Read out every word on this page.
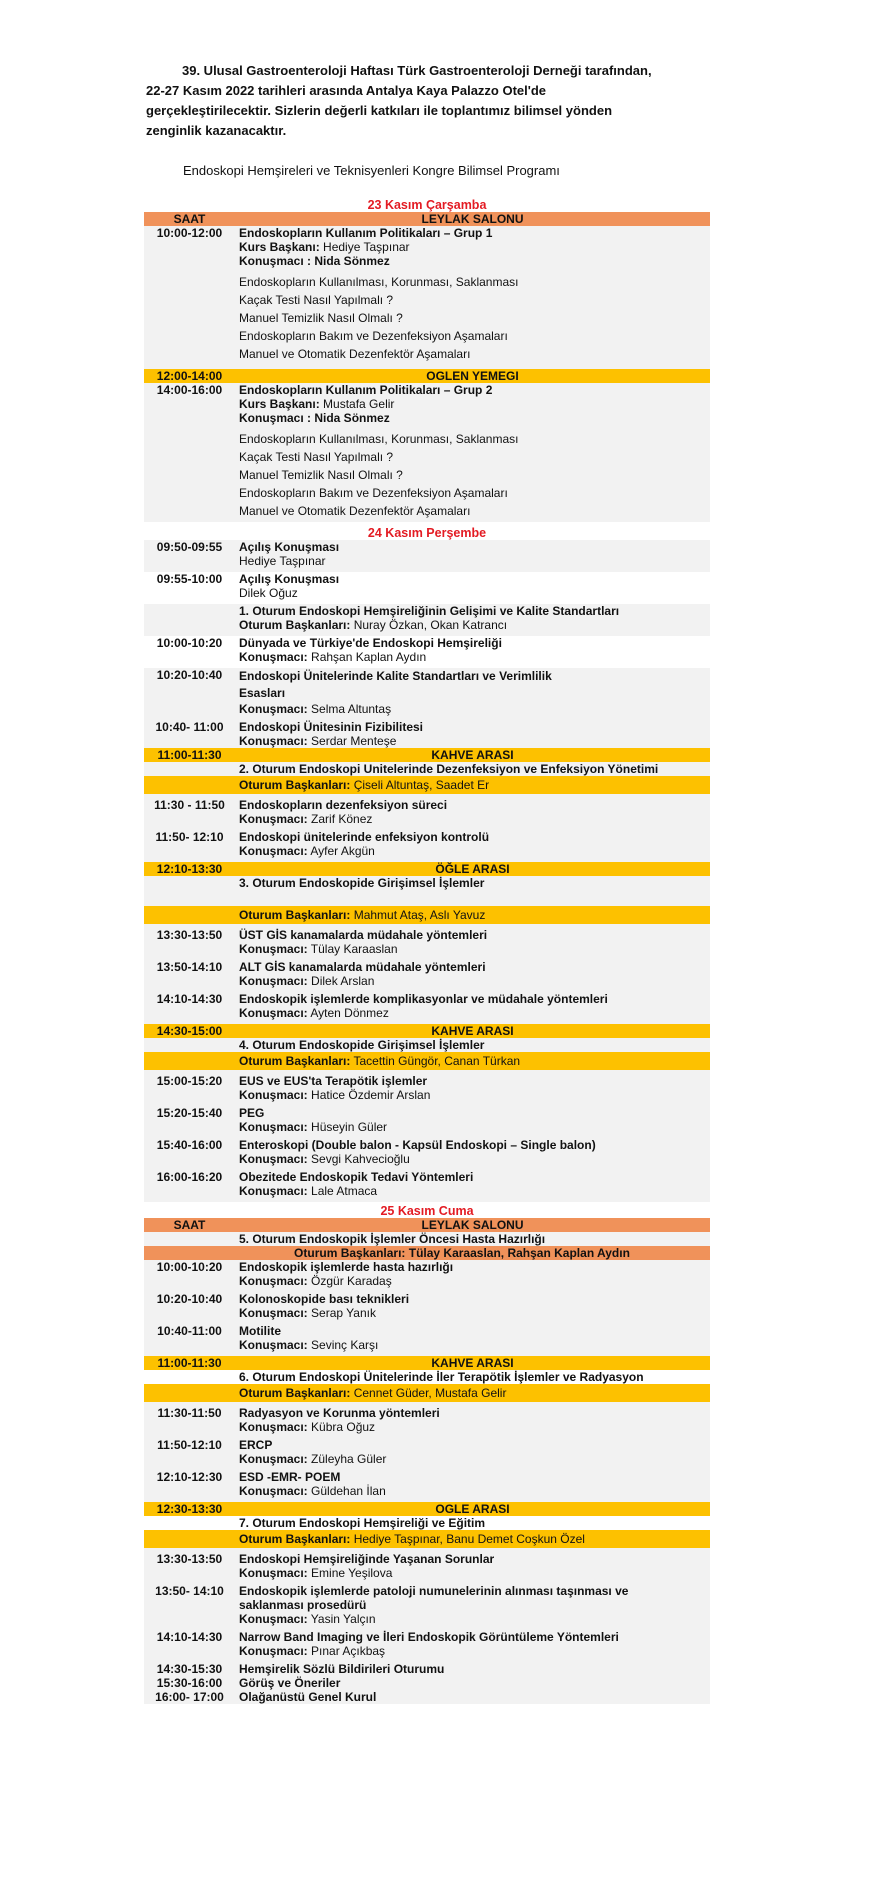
39. Ulusal Gastroenteroloji Haftası Türk Gastroenteroloji Derneği tarafından,
22-27 Kasım 2022 tarihleri arasında Antalya Kaya Palazzo Otel'de
gerçekleştirilecektir. Sizlerin değerli katkıları ile toplantımız bilimsel yönden
zenginlik kazanacaktır.
Endoskopi Hemşireleri ve Teknisyenleri Kongre Bilimsel Programı
23 Kasım Çarşamba
SAAT	LEYLAK SALONU
10:00-12:00	Endoskopların Kullanım Politikaları – Grup 1
Kurs Başkanı: Hediye Taşpınar
Konuşmacı : Nida Sönmez
Endoskopların Kullanılması, Korunması, Saklanması
Kaçak Testi Nasıl Yapılmalı ?
Manuel Temizlik Nasıl Olmalı ?
Endoskopların Bakım ve Dezenfeksiyon Aşamaları
Manuel ve Otomatik Dezenfektör Aşamaları
12:00-14:00	OGLEN YEMEGI
14:00-16:00	Endoskopların Kullanım Politikaları – Grup 2
Kurs Başkanı: Mustafa Gelir
Konuşmacı : Nida Sönmez
Endoskopların Kullanılması, Korunması, Saklanması
Kaçak Testi Nasıl Yapılmalı ?
Manuel Temizlik Nasıl Olmalı ?
Endoskopların Bakım ve Dezenfeksiyon Aşamaları
Manuel ve Otomatik Dezenfektör Aşamaları
24 Kasım Perşembe
09:50-09:55	Açılış Konuşması
Hediye Taşpınar
09:55-10:00	Açılış Konuşması
Dilek Oğuz
1. Oturum Endoskopi Hemşireliğinin Gelişimi ve Kalite Standartları
Oturum Başkanları: Nuray Özkan, Okan Katrancı
10:00-10:20	Dünyada ve Türkiye'de Endoskopi Hemşireliği
Konuşmacı: Rahşan Kaplan Aydın
10:20-10:40	Endoskopi Ünitelerinde Kalite Standartları ve Verimlilik
Esasları
Konuşmacı: Selma Altuntaş
10:40- 11:00	Endoskopi Ünitesinin Fizibilitesi
Konuşmacı: Serdar Menteşe
11:00-11:30	KAHVE ARASI
2. Oturum Endoskopi Unitelerinde Dezenfeksiyon ve Enfeksiyon Yönetimi
Oturum Başkanları: Çiseli Altuntaş, Saadet Er
11:30 - 11:50	Endoskopların dezenfeksiyon süreci
Konuşmacı: Zarif Könez
11:50- 12:10	Endoskopi ünitelerinde enfeksiyon kontrolü
Konuşmacı: Ayfer Akgün
12:10-13:30	ÖĞLE ARASI
3. Oturum Endoskopide Girişimsel İşlemler
Oturum Başkanları: Mahmut Ataş, Aslı Yavuz
13:30-13:50	ÜST GİS kanamalarda müdahale yöntemleri
Konuşmacı: Tülay Karaaslan
13:50-14:10	ALT GİS kanamalarda müdahale yöntemleri
Konuşmacı: Dilek Arslan
14:10-14:30	Endoskopik işlemlerde komplikasyonlar ve müdahale yöntemleri
Konuşmacı: Ayten Dönmez
14:30-15:00	KAHVE ARASI
4. Oturum Endoskopide Girişimsel İşlemler
Oturum Başkanları: Tacettin Güngör, Canan Türkan
15:00-15:20	EUS ve EUS'ta Terapötik işlemler
Konuşmacı: Hatice Özdemir Arslan
15:20-15:40	PEG
Konuşmacı: Hüseyin Güler
15:40-16:00	Enteroskopi (Double balon - Kapsül Endoskopi – Single balon)
Konuşmacı: Sevgi Kahvecioğlu
16:00-16:20	Obezitede Endoskopik Tedavi Yöntemleri
Konuşmacı: Lale Atmaca
25 Kasım Cuma
SAAT	LEYLAK SALONU
5. Oturum Endoskopik İşlemler Öncesi Hasta Hazırlığı
Oturum Başkanları: Tülay Karaaslan, Rahşan Kaplan Aydın
10:00-10:20	Endoskopik işlemlerde hasta hazırlığı
Konuşmacı: Özgür Karadaş
10:20-10:40	Kolonoskopide bası teknikleri
Konuşmacı: Serap Yanık
10:40-11:00	Motilite
Konuşmacı: Sevinç Karşı
11:00-11:30	KAHVE ARASI
6. Oturum Endoskopi Ünitelerinde İler Terapötik İşlemler ve Radyasyon
Oturum Başkanları: Cennet Güder, Mustafa Gelir
11:30-11:50	Radyasyon ve Korunma yöntemleri
Konuşmacı: Kübra Oğuz
11:50-12:10	ERCP
Konuşmacı: Züleyha Güler
12:10-12:30	ESD -EMR- POEM
Konuşmacı: Güldehan İlan
12:30-13:30	OGLE ARASI
7. Oturum Endoskopi Hemşireliği ve Eğitim
Oturum Başkanları: Hediye Taşpınar, Banu Demet Coşkun Özel
13:30-13:50	Endoskopi Hemşireliğinde Yaşanan Sorunlar
Konuşmacı: Emine Yeşilova
13:50- 14:10	Endoskopik işlemlerde patoloji numunelerinin alınması taşınması ve
saklanması prosedürü
Konuşmacı: Yasin Yalçın
14:10-14:30	Narrow Band Imaging ve İleri Endoskopik Görüntüleme Yöntemleri
Konuşmacı: Pınar Açıkbaş
14:30-15:30	Hemşirelik Sözlü Bildirileri Oturumu
15:30-16:00	Görüş ve Öneriler
16:00- 17:00	Olağanüstü Genel Kurul
